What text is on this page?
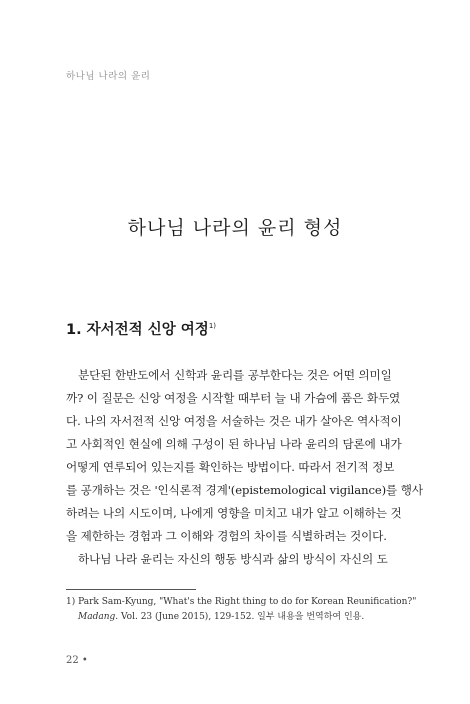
하나님 나라의 윤리
하나님 나라의 윤리 형성
1. 자서전적 신앙 여정$^{1)}$
분단된 한반도에서 신학과 윤리를 공부한다는 것은 어떤 의미일
까? 이 질문은 신앙 여정을 시작할 때부터 늘 내 가슴에 품은 화두였
다. 나의 자서전적 신앙 여정을 서술하는 것은 내가 살아온 역사적이
고 사회적인 현실에 의해 구성이 된 하나님 나라 윤리의 담론에 내가
어떻게 연루되어 있는지를 확인하는 방법이다. 따라서 전기적 정보
를 공개하는 것은 '인식론적 경계'(epistemological vigilance)를 행사
하려는 나의 시도이며, 나에게 영향을 미치고 내가 알고 이해하는 것
을 제한하는 경험과 그 이해와 경험의 차이를 식별하려는 것이다.
하나님 나라 윤리는 자신의 행동 방식과 삶의 방식이 자신의 도
1) Park Sam-Kyung, "What's the Right thing to do for Korean Reunification?"
Madang. Vol. 23 (June 2015), 129-152. 일부 내용을 번역하여 인용.
22 •
